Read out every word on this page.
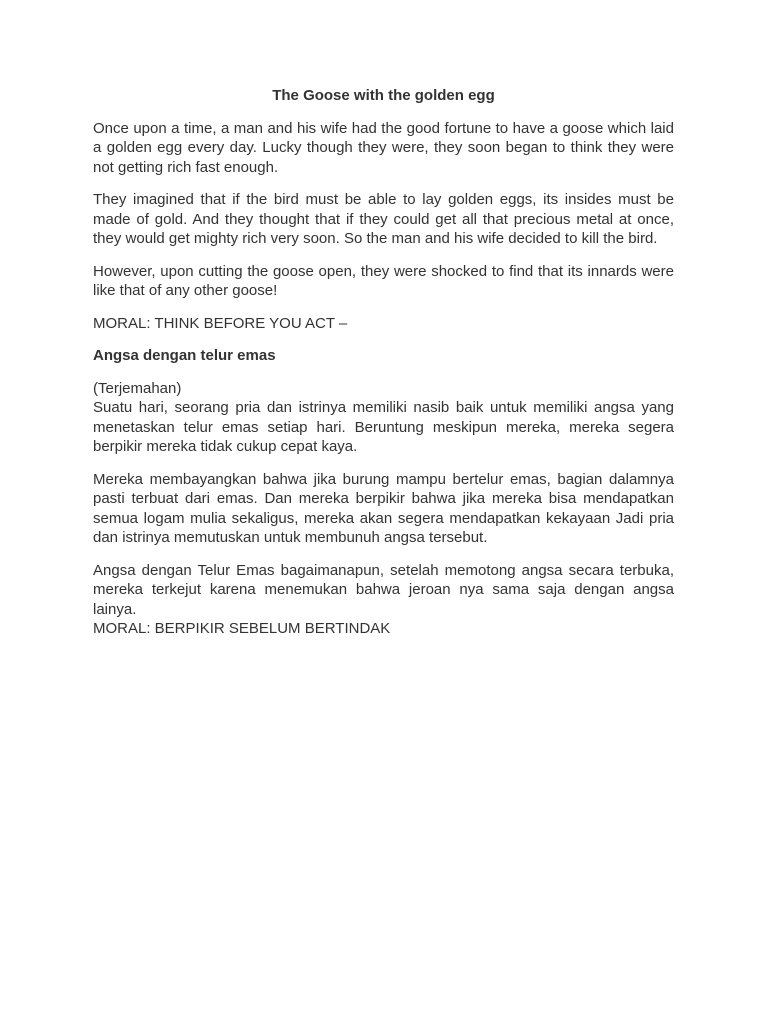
The Goose with the golden egg

Once upon a time, a man and his wife had the good fortune to have a goose which laid a golden egg every day. Lucky though they were, they soon began to think they were not getting rich fast enough.

They imagined that if the bird must be able to lay golden eggs, its insides must be made of gold. And they thought that if they could get all that precious metal at once, they would get mighty rich very soon. So the man and his wife decided to kill the bird.

However, upon cutting the goose open, they were shocked to find that its innards were like that of any other goose!

MORAL: THINK BEFORE YOU ACT –

Angsa dengan telur emas

(Terjemahan)
Suatu hari, seorang pria dan istrinya memiliki nasib baik untuk memiliki angsa yang menetaskan telur emas setiap hari. Beruntung meskipun mereka, mereka segera berpikir mereka tidak cukup cepat kaya.

Mereka membayangkan bahwa jika burung mampu bertelur emas, bagian dalamnya pasti terbuat dari emas. Dan mereka berpikir bahwa jika mereka bisa mendapatkan semua logam mulia sekaligus, mereka akan segera mendapatkan kekayaan Jadi pria dan istrinya memutuskan untuk membunuh angsa tersebut.

Angsa dengan Telur Emas bagaimanapun, setelah memotong angsa secara terbuka, mereka terkejut karena menemukan bahwa jeroan nya sama saja dengan angsa lainya.
MORAL: BERPIKIR SEBELUM BERTINDAK
